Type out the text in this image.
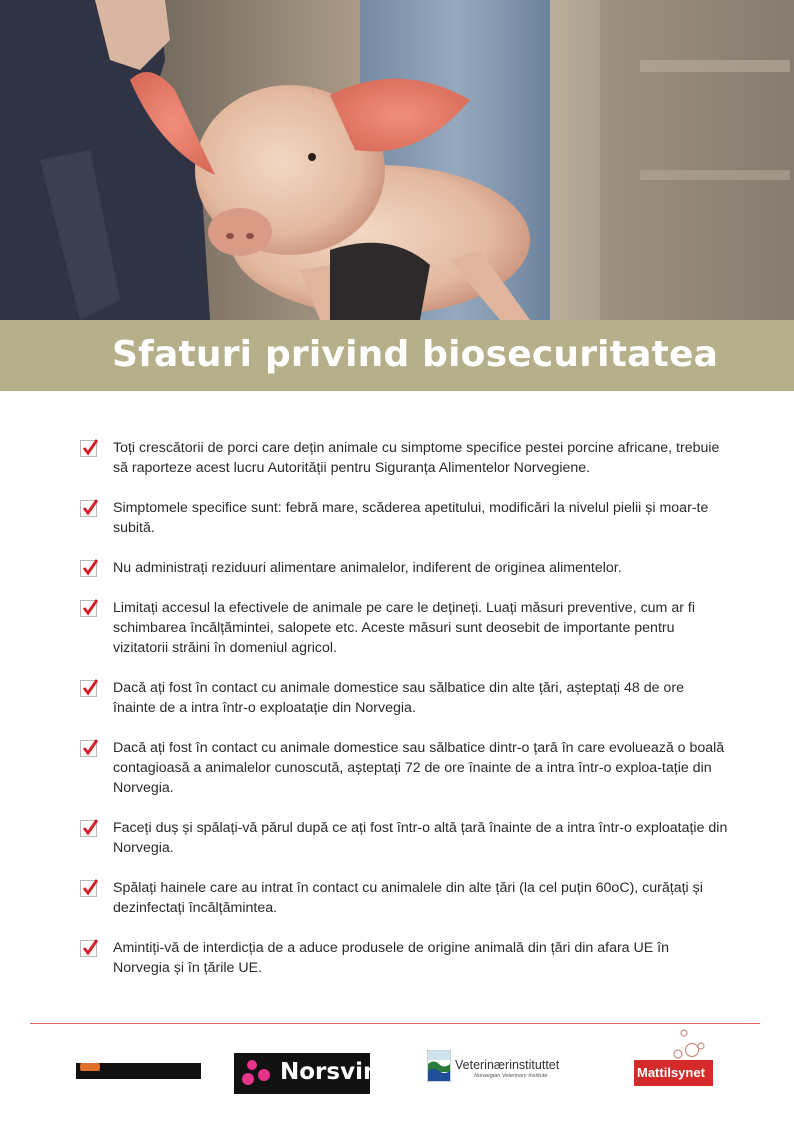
Sfaturi privind biosecuritatea
Toți crescătorii de porci care dețin animale cu simptome specifice pestei porcine africane, trebuie să raporteze acest lucru Autorității pentru Siguranța Alimentelor Norvegiene.
Simptomele specifice sunt: febră mare, scăderea apetitului, modificări la nivelul pielii și moar-te subită.
Nu administrați reziduuri alimentare animalelor, indiferent de originea alimentelor.
Limitați accesul la efectivele de animale pe care le dețineți. Luați măsuri preventive, cum ar fi schimbarea încălțămintei, salopete etc. Aceste măsuri sunt deosebit de importante pentru vizitatorii străini în domeniul agricol.
Dacă ați fost în contact cu animale domestice sau sălbatice din alte țări, așteptați 48 de ore înainte de a intra într-o exploatație din Norvegia.
Dacă ați fost în contact cu animale domestice sau sălbatice dintr-o țară în care evoluează o boală contagioasă a animalelor cunoscută, așteptați 72 de ore înainte de a intra într-o exploa-tație din Norvegia.
Faceți duș și spălați-vă părul după ce ați fost într-o altă țară înainte de a intra într-o exploatație din Norvegia.
Spălați hainele care au intrat în contact cu animalele din alte țări (la cel puțin 60oC), curățați și dezinfectați încălțămintea.
Amintiți-vă de interdicția de a aduce produsele de origine animală din țări din afara UE în Norvegia și în țările UE.
Norsvin	Veterinærinstituttet
Norwegian Veterinary Institute	Mattilsynet
